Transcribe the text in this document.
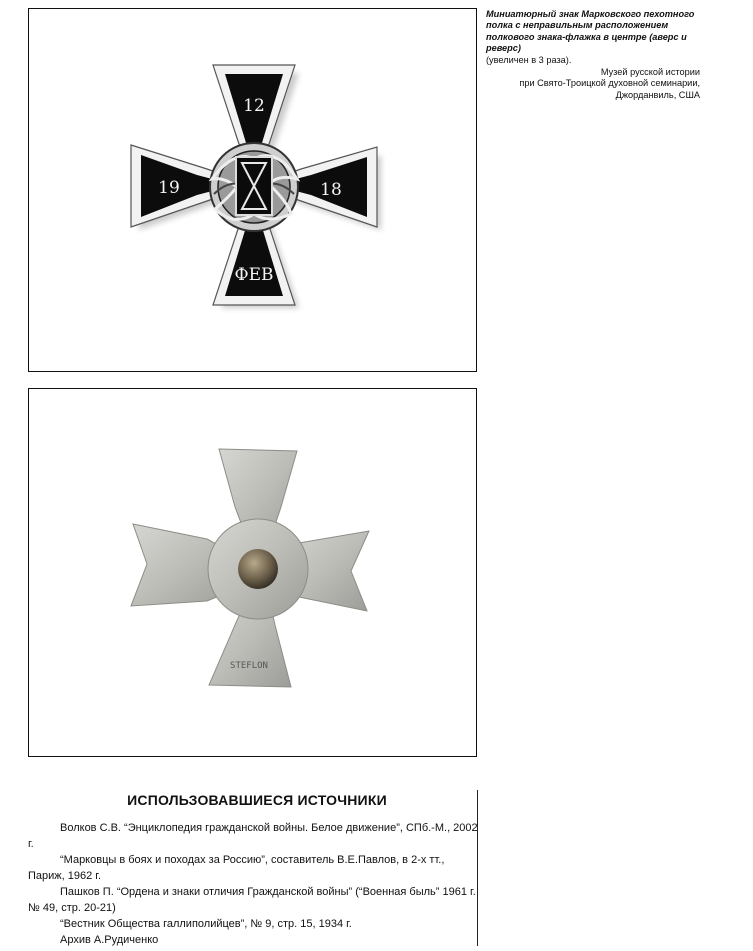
12
19	18
ФЕВ
STEFLON
Миниатюрный знак Марковского пехотного полка с неправильным расположением полкового знака-флажка в центре (аверс и реверс)
(увеличен в 3 раза).
Музей русской истории
при Свято-Троицкой духовной семинарии,
Джорданвиль, США
ИСПОЛЬЗОВАВШИЕСЯ ИСТОЧНИКИ

Волков С.В. “Энциклопедия гражданской войны. Белое движение”, СПб.-М., 2002 г.

“Марковцы в боях и походах за Россию”, составитель В.Е.Павлов, в 2-х тт., Париж, 1962 г.

Пашков П. “Ордена и знаки отличия Гражданской войны” (“Военная быль” 1961 г. № 49, стр. 20-21)

“Вестник Общества галлиполийцев”, № 9, стр. 15, 1934 г.

Архив А.Рудиченко
